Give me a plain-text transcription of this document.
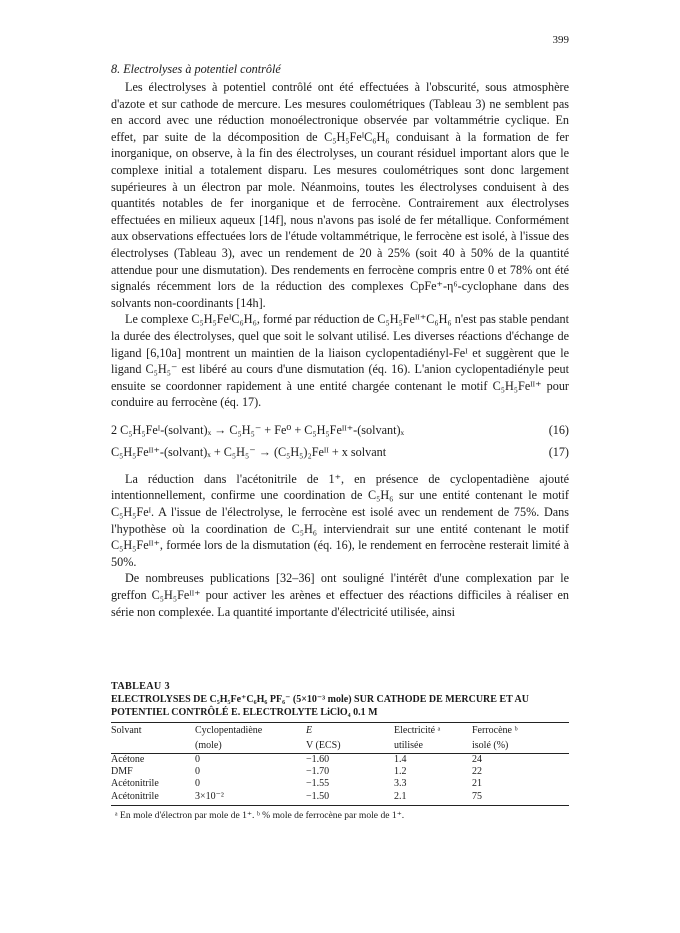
399

8. Electrolyses à potentiel contrôlé

Les électrolyses à potentiel contrôlé ont été effectuées à l'obscurité, sous atmosphère d'azote et sur cathode de mercure. Les mesures coulométriques (Tableau 3) ne semblent pas en accord avec une réduction monoélectronique observée par voltammétrie cyclique. En effet, par suite de la décomposition de C₅H₅FeᴵC₆H₆ conduisant à la formation de fer inorganique, on observe, à la fin des électrolyses, un courant résiduel important alors que le complexe initial a totalement disparu. Les mesures coulométriques sont donc largement supérieures à un électron par mole. Néanmoins, toutes les électrolyses conduisent à des quantités notables de fer inorganique et de ferrocène. Contrairement aux électrolyses effectuées en milieux aqueux [14f], nous n'avons pas isolé de fer métallique. Conformément aux observations effectuées lors de l'étude voltammétrique, le ferrocène est isolé, à l'issue des électrolyses (Tableau 3), avec un rendement de 20 à 25% (soit 40 à 50% de la quantité attendue pour une dismutation). Des rendements en ferrocène compris entre 0 et 78% ont été signalés récemment lors de la réduction des complexes CpFe⁺-η⁶-cyclophane dans des solvants non-coordinants [14h].

Le complexe C₅H₅FeᴵC₆H₆, formé par réduction de C₅H₅Feᴵᴵ⁺C₆H₆ n'est pas stable pendant la durée des électrolyses, quel que soit le solvant utilisé. Les diverses réactions d'échange de ligand [6,10a] montrent un maintien de la liaison cyclopentadiényl-Feᴵ et suggèrent que le ligand C₅H₅⁻ est libéré au cours d'une dismutation (éq. 16). L'anion cyclopentadiényle peut ensuite se coordonner rapidement à une entité chargée contenant le motif C₅H₅Feᴵᴵ⁺ pour conduire au ferrocène (éq. 17).

2 C₅H₅Feᴵ-(solvant)ₓ → C₅H₅⁻ + Fe⁰ + C₅H₅Feᴵᴵ⁺-(solvant)ₓ	(16)
C₅H₅Feᴵᴵ⁺-(solvant)ₓ + C₅H₅⁻ → (C₅H₅)₂Feᴵᴵ + x solvant	(17)

La réduction dans l'acétonitrile de 1⁺, en présence de cyclopentadiène ajouté intentionnellement, confirme une coordination de C₅H₆ sur une entité contenant le motif C₅H₅Feᴵ. A l'issue de l'électrolyse, le ferrocène est isolé avec un rendement de 75%. Dans l'hypothèse où la coordination de C₅H₆ interviendrait sur une entité contenant le motif C₅H₅Feᴵᴵ⁺, formée lors de la dismutation (éq. 16), le rendement en ferrocène resterait limité à 50%.

De nombreuses publications [32–36] ont souligné l'intérêt d'une complexation par le greffon C₅H₅Feᴵᴵ⁺ pour activer les arènes et effectuer des réactions difficiles à réaliser en série non complexée. La quantité importante d'électricité utilisée, ainsi

TABLEAU 3
ELECTROLYSES DE C₅H₅Fe⁺C₆H₆ PF₆⁻ (5×10⁻³ mole) SUR CATHODE DE MERCURE ET AU POTENTIEL CONTRÔLÉ E. ELECTROLYTE LiClO₄ 0.1 M
Solvant	Cyclopentadiène	E	Electricité ᵃ	Ferrocène ᵇ
	(mole)	V (ECS)	utilisée	isolé (%)
Acétone	0	−1.60	1.4	24
DMF	0	−1.70	1.2	22
Acétonitrile	0	−1.55	3.3	21
Acétonitrile	3×10⁻²	−1.50	2.1	75
ᵃ En mole d'électron par mole de 1⁺. ᵇ % mole de ferrocène par mole de 1⁺.
